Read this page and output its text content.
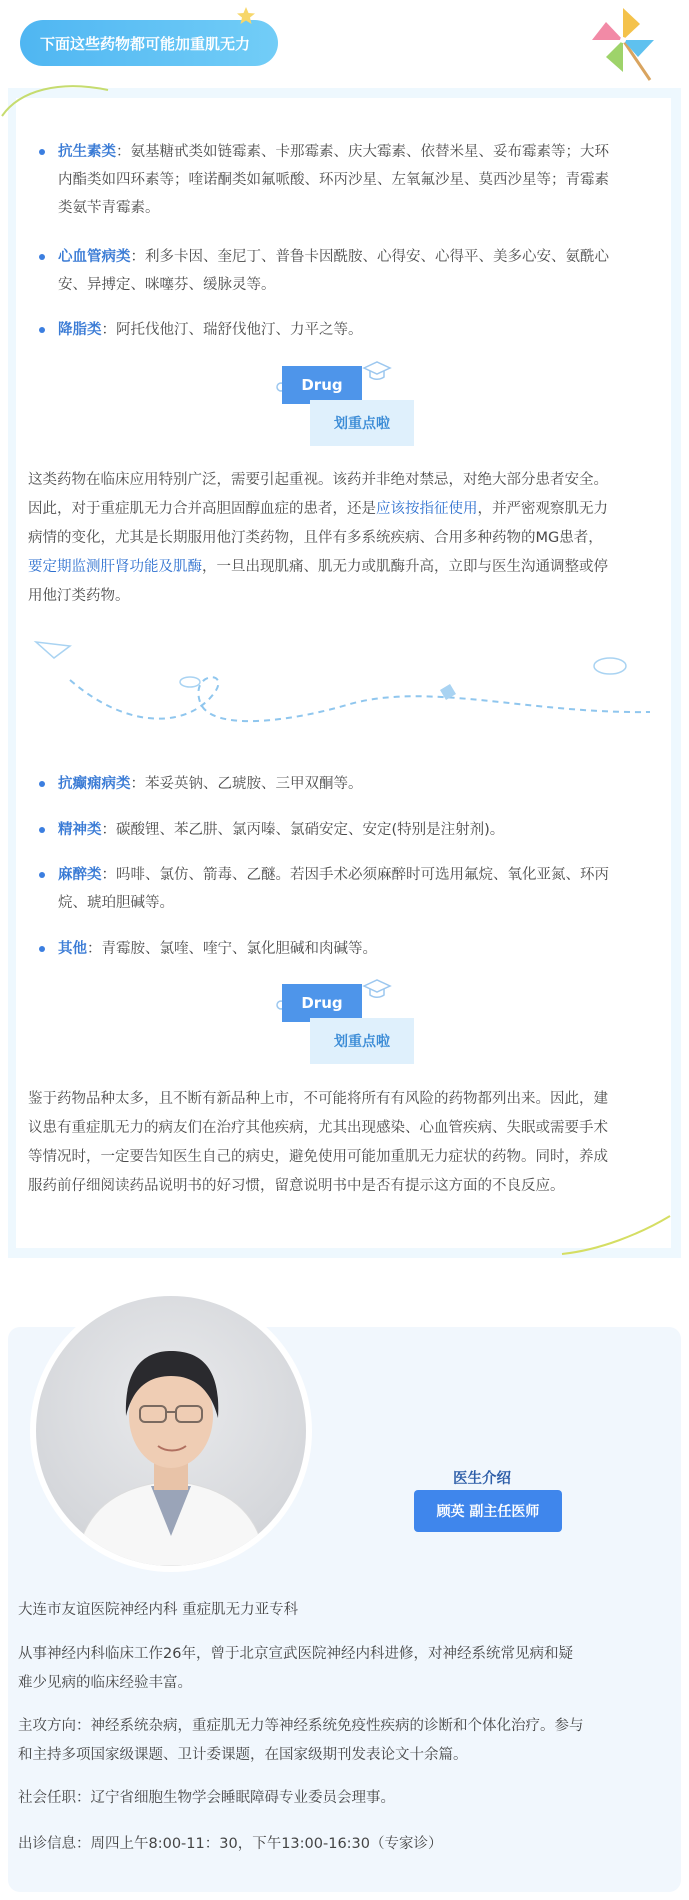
下面这些药物都可能加重肌无力
抗生素类：氨基糖甙类如链霉素、卡那霉素、庆大霉素、依替米星、妥布霉素等；大环
内酯类如四环素等；喹诺酮类如氟哌酸、环丙沙星、左氧氟沙星、莫西沙星等；青霉素
类氨苄青霉素。
心血管病类：利多卡因、奎尼丁、普鲁卡因酰胺、心得安、心得平、美多心安、氨酰心
安、异搏定、咪噻芬、缓脉灵等。
降脂类：阿托伐他汀、瑞舒伐他汀、力平之等。
Drug
划重点啦
这类药物在临床应用特别广泛，需要引起重视。该药并非绝对禁忌，对绝大部分患者安全。
因此，对于重症肌无力合并高胆固醇血症的患者，还是应该按指征使用，并严密观察肌无力
病情的变化，尤其是长期服用他汀类药物，且伴有多系统疾病、合用多种药物的MG患者，
要定期监测肝肾功能及肌酶，一旦出现肌痛、肌无力或肌酶升高，立即与医生沟通调整或停
用他汀类药物。
抗癫痫病类：苯妥英钠、乙琥胺、三甲双酮等。
精神类：碳酸锂、苯乙肼、氯丙嗪、氯硝安定、安定(特别是注射剂)。
麻醉类：吗啡、氯仿、箭毒、乙醚。若因手术必须麻醉时可选用氟烷、氧化亚氮、环丙
烷、琥珀胆碱等。
其他：青霉胺、氯喹、喹宁、氯化胆碱和肉碱等。
Drug
划重点啦
鉴于药物品种太多，且不断有新品种上市，不可能将所有有风险的药物都列出来。因此，建
议患有重症肌无力的病友们在治疗其他疾病，尤其出现感染、心血管疾病、失眠或需要手术
等情况时，一定要告知医生自己的病史，避免使用可能加重肌无力症状的药物。同时，养成
服药前仔细阅读药品说明书的好习惯，留意说明书中是否有提示这方面的不良反应。
医生介绍
顾英 副主任医师
大连市友谊医院神经内科 重症肌无力亚专科
从事神经内科临床工作26年，曾于北京宣武医院神经内科进修，对神经系统常见病和疑
难少见病的临床经验丰富。
主攻方向：神经系统杂病，重症肌无力等神经系统免疫性疾病的诊断和个体化治疗。参与
和主持多项国家级课题、卫计委课题，在国家级期刊发表论文十余篇。
社会任职：辽宁省细胞生物学会睡眠障碍专业委员会理事。
出诊信息：周四上午8:00-11：30，下午13:00-16:30（专家诊）
